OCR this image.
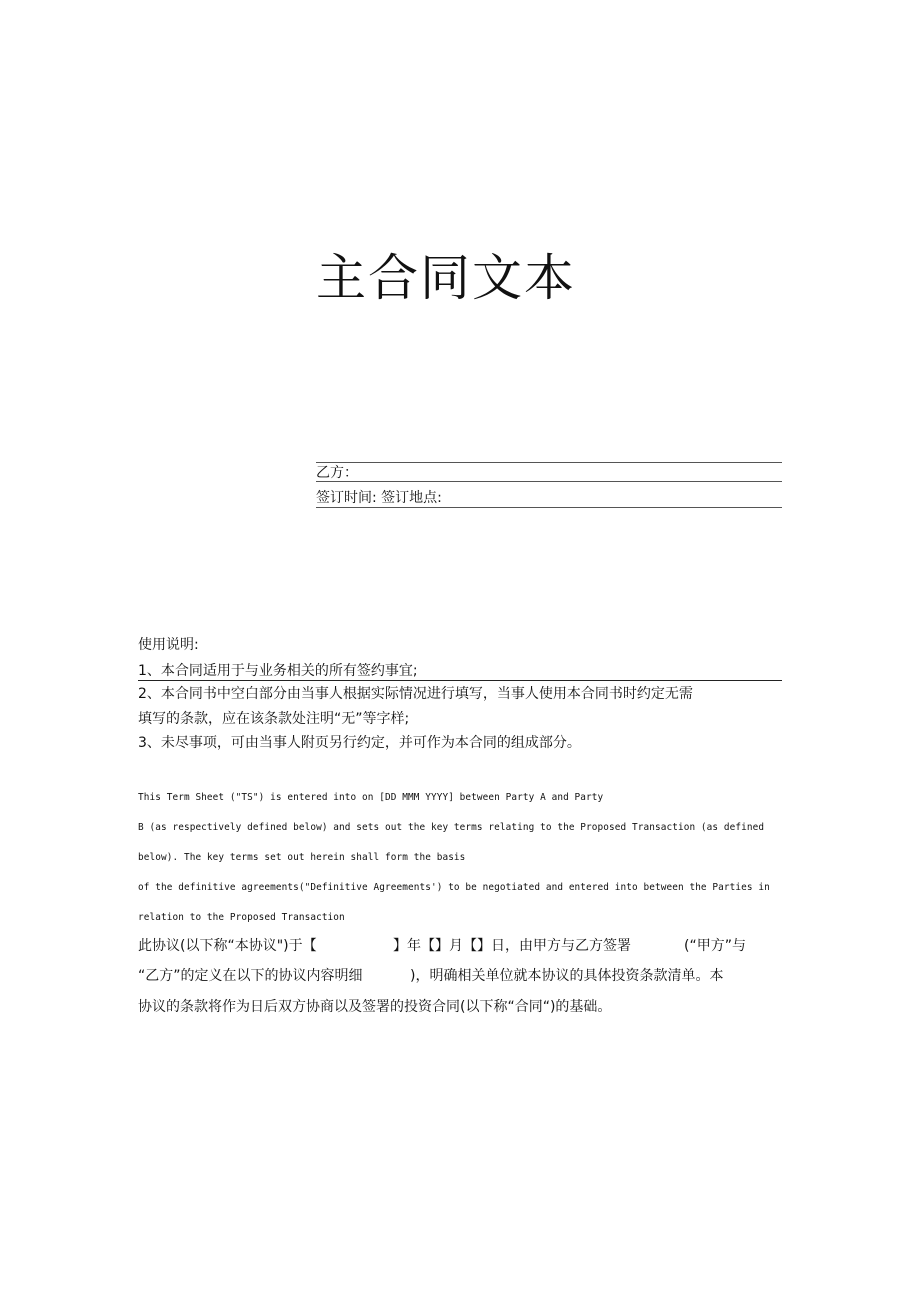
主合同文本
乙方：
签订时间: 签订地点:
使用说明:
1、本合同适用于与业务相关的所有签约事宜;
2、本合同书中空白部分由当事人根据实际情况进行填写，当事人使用本合同书时约定无需
填写的条款，应在该条款处注明“无”等字样;
3、未尽事项，可由当事人附页另行约定，并可作为本合同的组成部分。
This Term Sheet ("TS") is entered into on [DD MMM YYYY] between Party A and Party
B (as respectively defined below) and sets out the key terms relating to the Proposed Transaction (as defined
below). The key terms set out herein shall form the basis
of the definitive agreements("Definitive Agreements') to be negotiated and entered into between the Parties in
relation to the Proposed Transaction
此协议(以下称“本协议")于【	】年【】月【】日，由甲方与乙方签署	(“甲方”与
“乙方”的定义在以下的协议内容明细	)，明确相关单位就本协议的具体投资条款清单。本
协议的条款将作为日后双方协商以及签署的投资合同(以下称“合同“)的基础。
